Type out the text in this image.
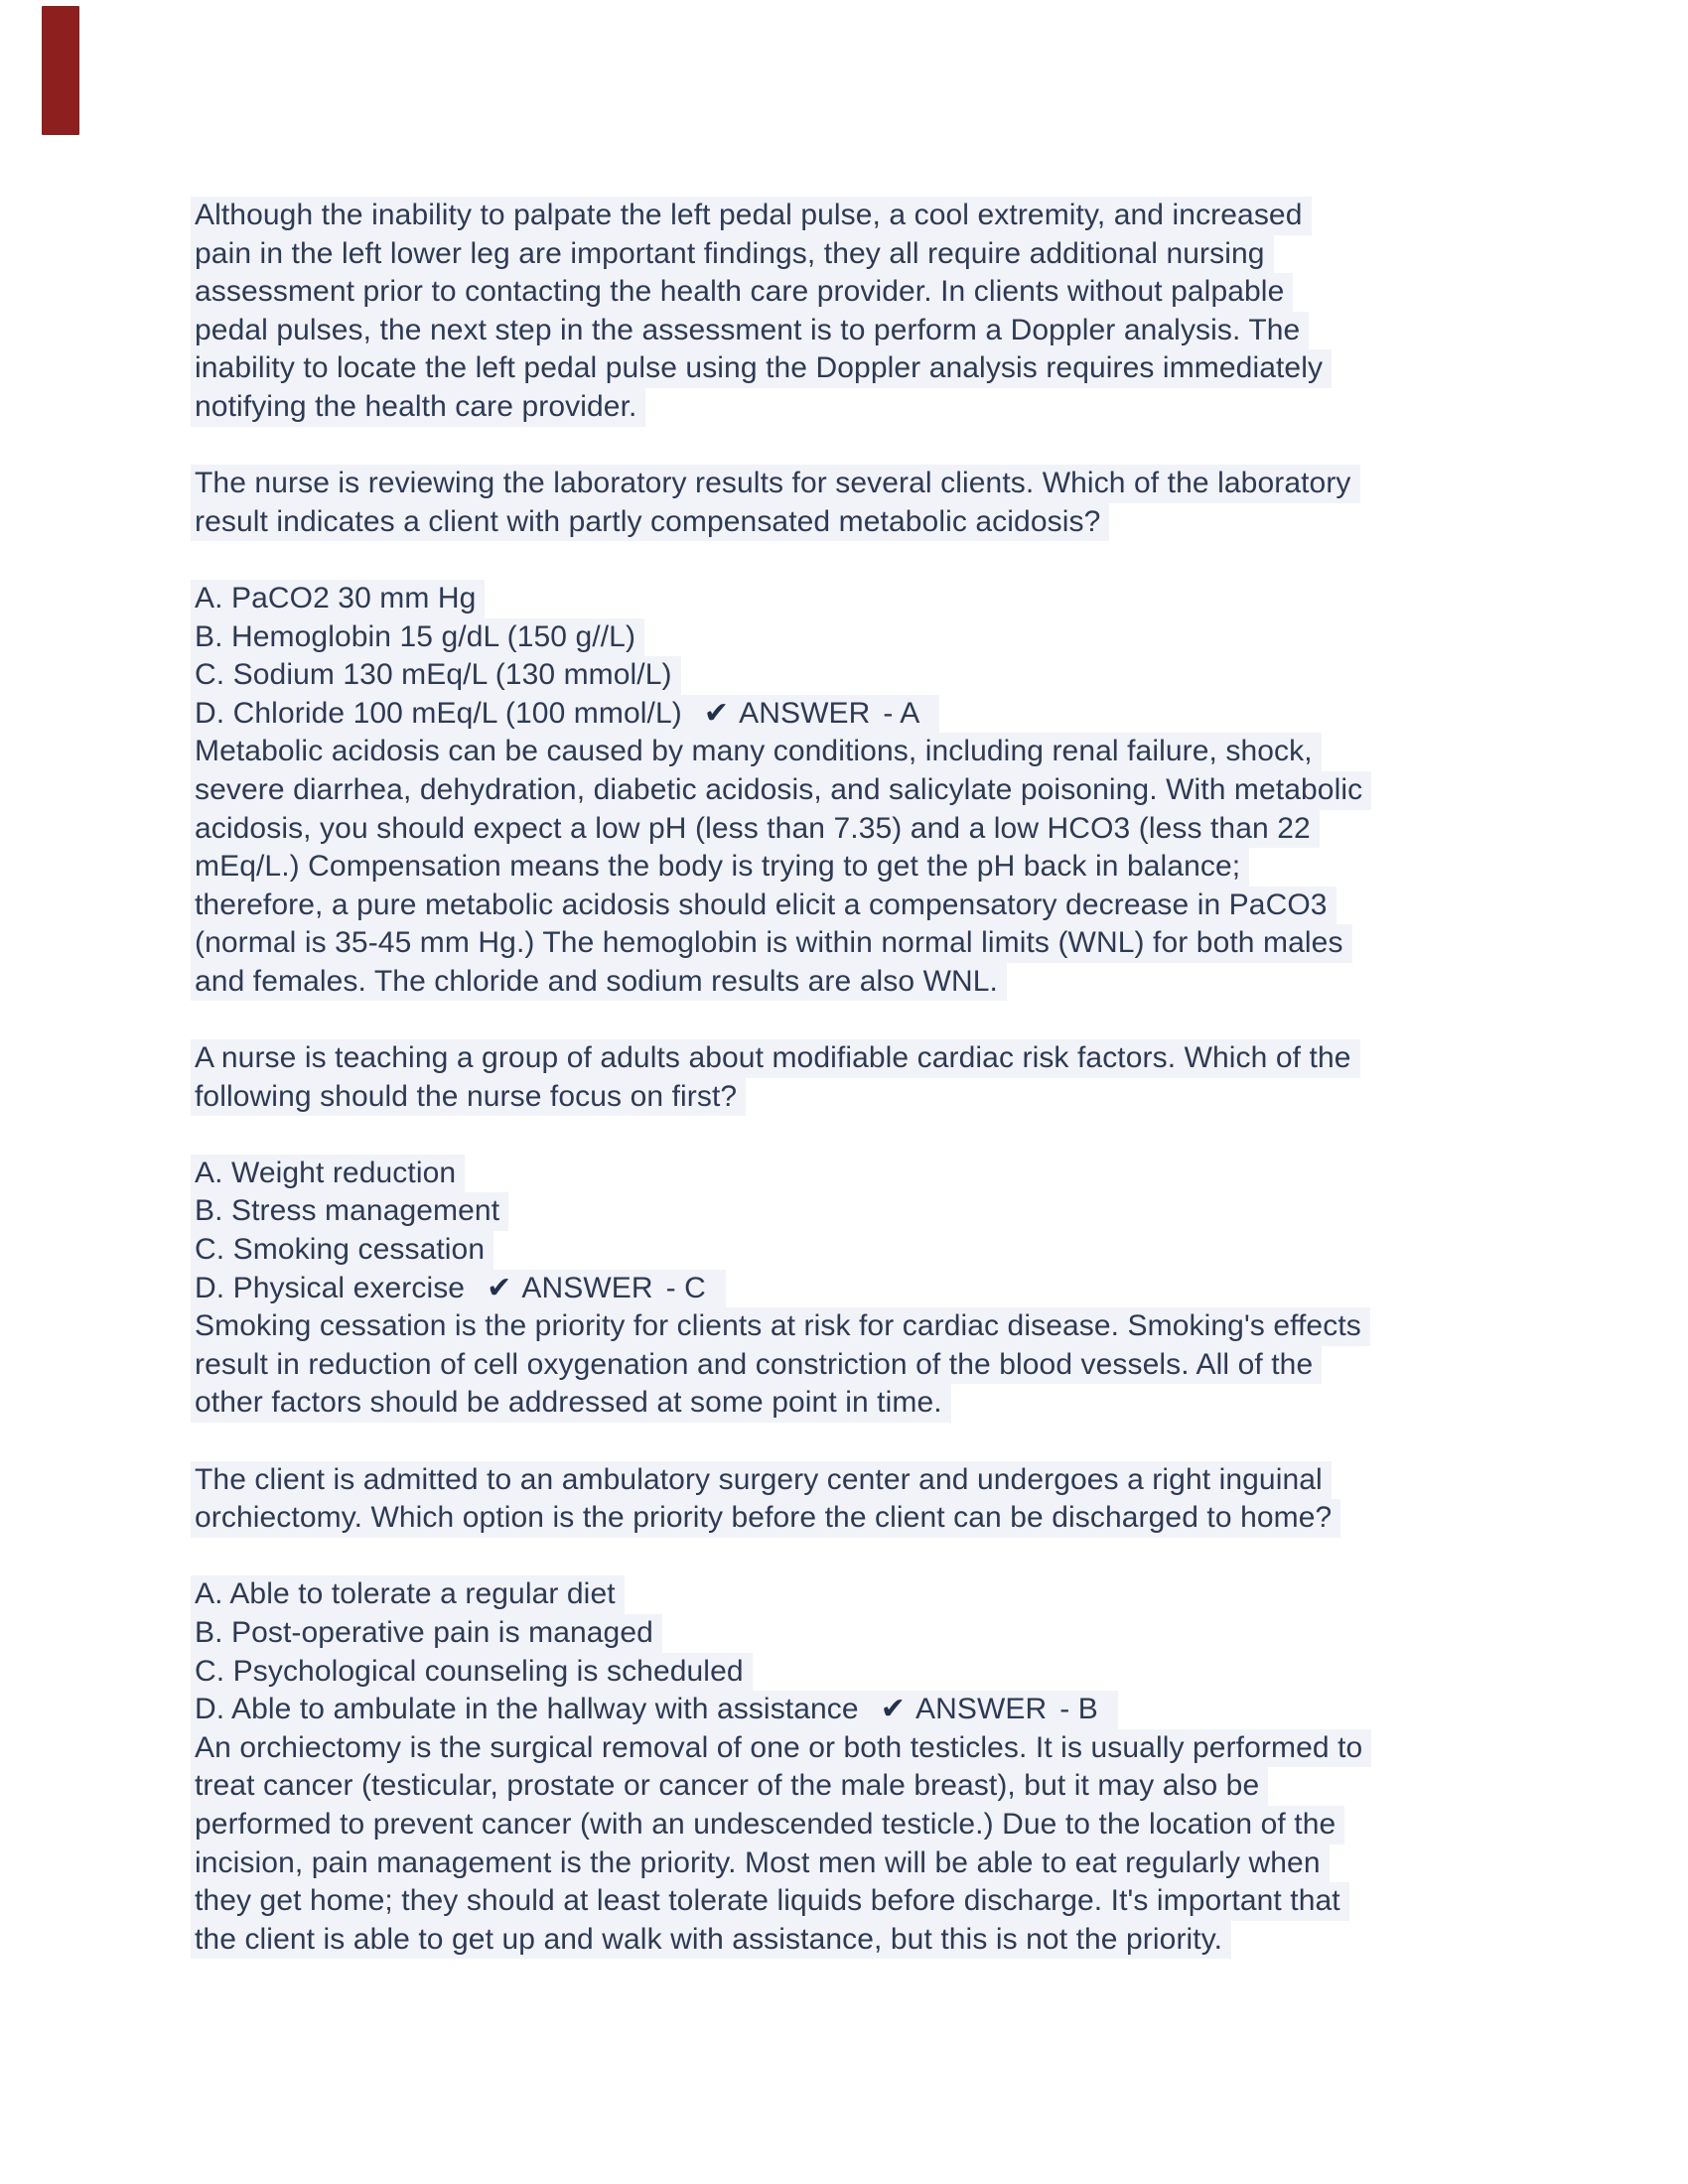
Although the inability to palpate the left pedal pulse, a cool extremity, and increased
pain in the left lower leg are important findings, they all require additional nursing
assessment prior to contacting the health care provider. In clients without palpable
pedal pulses, the next step in the assessment is to perform a Doppler analysis. The
inability to locate the left pedal pulse using the Doppler analysis requires immediately
notifying the health care provider.
The nurse is reviewing the laboratory results for several clients. Which of the laboratory
result indicates a client with partly compensated metabolic acidosis?
A. PaCO2 30 mm Hg
B. Hemoglobin 15 g/dL (150 g//L)
C. Sodium 130 mEq/L (130 mmol/L)
D. Chloride 100 mEq/L (100 mmol/L) ✔ ANSWER - A
Metabolic acidosis can be caused by many conditions, including renal failure, shock,
severe diarrhea, dehydration, diabetic acidosis, and salicylate poisoning. With metabolic
acidosis, you should expect a low pH (less than 7.35) and a low HCO3 (less than 22
mEq/L.) Compensation means the body is trying to get the pH back in balance;
therefore, a pure metabolic acidosis should elicit a compensatory decrease in PaCO3
(normal is 35-45 mm Hg.) The hemoglobin is within normal limits (WNL) for both males
and females. The chloride and sodium results are also WNL.
A nurse is teaching a group of adults about modifiable cardiac risk factors. Which of the
following should the nurse focus on first?
A. Weight reduction
B. Stress management
C. Smoking cessation
D. Physical exercise ✔ ANSWER - C
Smoking cessation is the priority for clients at risk for cardiac disease. Smoking's effects
result in reduction of cell oxygenation and constriction of the blood vessels. All of the
other factors should be addressed at some point in time.
The client is admitted to an ambulatory surgery center and undergoes a right inguinal
orchiectomy. Which option is the priority before the client can be discharged to home?
A. Able to tolerate a regular diet
B. Post-operative pain is managed
C. Psychological counseling is scheduled
D. Able to ambulate in the hallway with assistance ✔ ANSWER - B
An orchiectomy is the surgical removal of one or both testicles. It is usually performed to
treat cancer (testicular, prostate or cancer of the male breast), but it may also be
performed to prevent cancer (with an undescended testicle.) Due to the location of the
incision, pain management is the priority. Most men will be able to eat regularly when
they get home; they should at least tolerate liquids before discharge. It's important that
the client is able to get up and walk with assistance, but this is not the priority.
